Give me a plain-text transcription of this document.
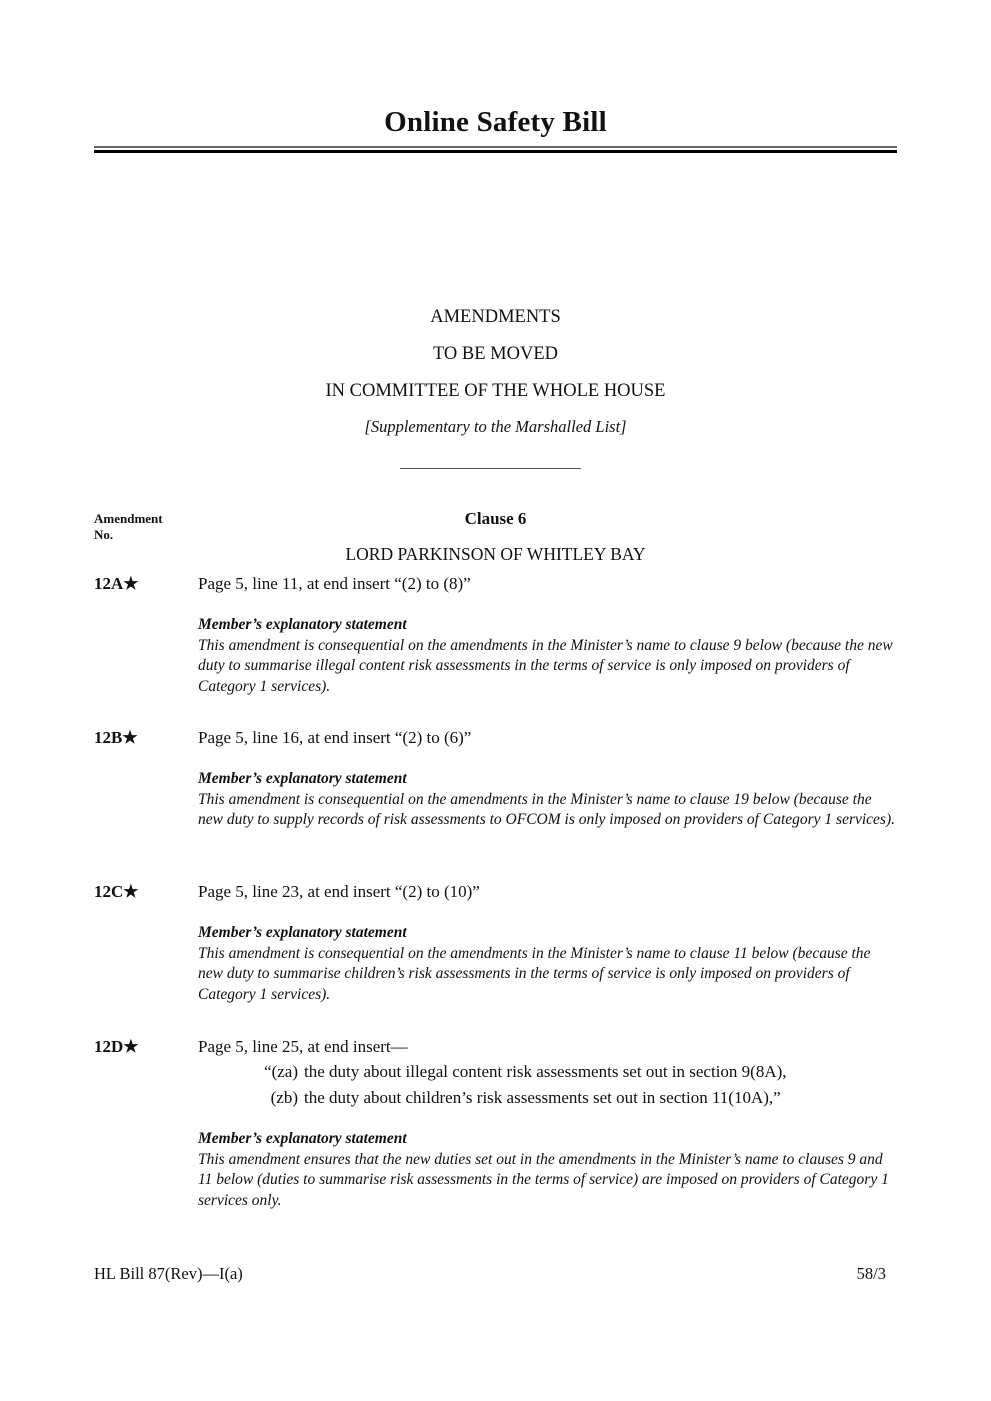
Online Safety Bill
AMENDMENTS
TO BE MOVED
IN COMMITTEE OF THE WHOLE HOUSE
[Supplementary to the Marshalled List]
Amendment
No.
Clause 6
LORD PARKINSON OF WHITLEY BAY
12A★	Page 5, line 11, at end insert “(2) to (8)”
Member’s explanatory statement
This amendment is consequential on the amendments in the Minister’s name to clause 9 below (because the new duty to summarise illegal content risk assessments in the terms of service is only imposed on providers of Category 1 services).
12B★	Page 5, line 16, at end insert “(2) to (6)”
Member’s explanatory statement
This amendment is consequential on the amendments in the Minister’s name to clause 19 below (because the new duty to supply records of risk assessments to OFCOM is only imposed on providers of Category 1 services).
12C★	Page 5, line 23, at end insert “(2) to (10)”
Member’s explanatory statement
This amendment is consequential on the amendments in the Minister’s name to clause 11 below (because the new duty to summarise children’s risk assessments in the terms of service is only imposed on providers of Category 1 services).
12D★	Page 5, line 25, at end insert—
“(za) the duty about illegal content risk assessments set out in section 9(8A),
(zb) the duty about children’s risk assessments set out in section 11(10A),”
Member’s explanatory statement
This amendment ensures that the new duties set out in the amendments in the Minister’s name to clauses 9 and 11 below (duties to summarise risk assessments in the terms of service) are imposed on providers of Category 1 services only.
HL Bill 87(Rev)—I(a)	58/3
